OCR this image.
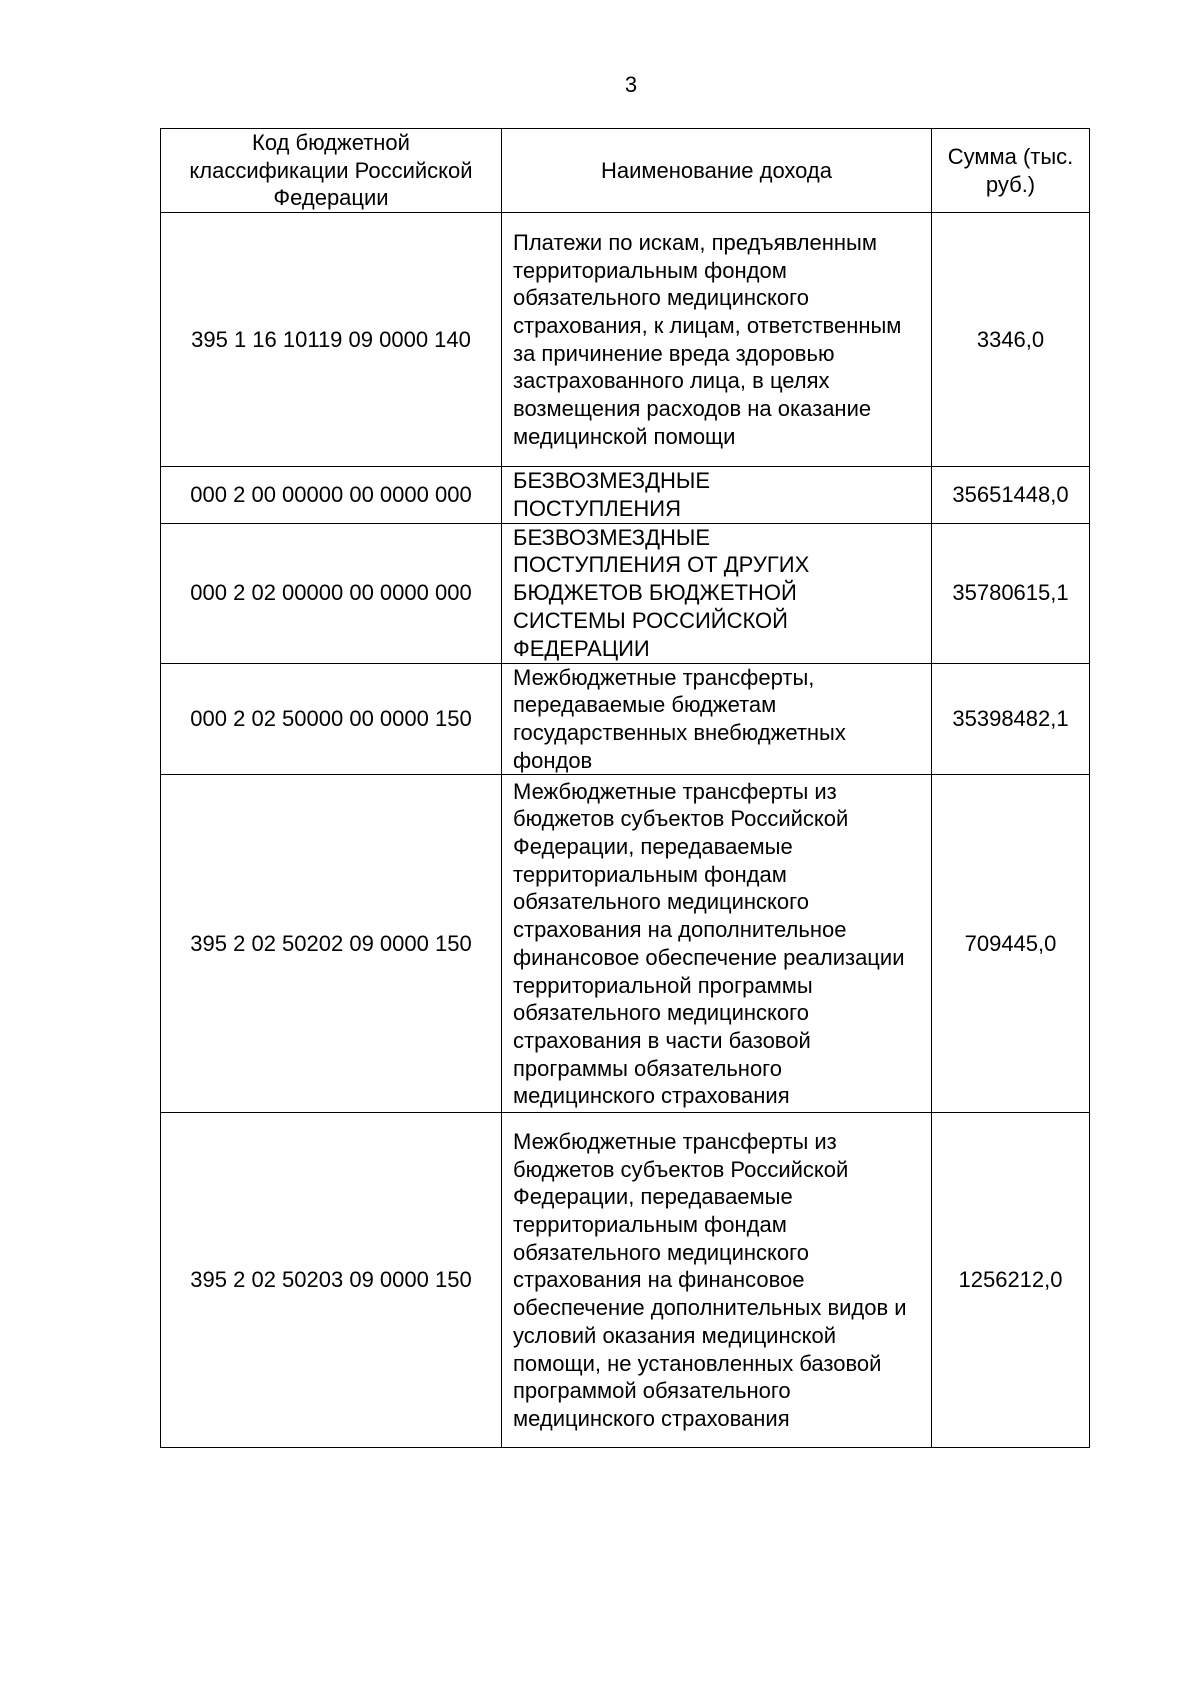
3
Код бюджетной классификации Российской Федерации	Наименование дохода	Сумма (тыс. руб.)
395 1 16 10119 09 0000 140	Платежи по искам, предъявленным территориальным фондом обязательного медицинского страхования, к лицам, ответственным за причинение вреда здоровью застрахованного лица, в целях возмещения расходов на оказание медицинской помощи	3346,0
000 2 00 00000 00 0000 000	БЕЗВОЗМЕЗДНЫЕ ПОСТУПЛЕНИЯ	35651448,0
000 2 02 00000 00 0000 000	БЕЗВОЗМЕЗДНЫЕ ПОСТУПЛЕНИЯ ОТ ДРУГИХ БЮДЖЕТОВ БЮДЖЕТНОЙ СИСТЕМЫ РОССИЙСКОЙ ФЕДЕРАЦИИ	35780615,1
000 2 02 50000 00 0000 150	Межбюджетные трансферты, передаваемые бюджетам государственных внебюджетных фондов	35398482,1
395 2 02 50202 09 0000 150	Межбюджетные трансферты из бюджетов субъектов Российской Федерации, передаваемые территориальным фондам обязательного медицинского страхования на дополнительное финансовое обеспечение реализации территориальной программы обязательного медицинского страхования в части базовой программы обязательного медицинского страхования	709445,0
395 2 02 50203 09 0000 150	Межбюджетные трансферты из бюджетов субъектов Российской Федерации, передаваемые территориальным фондам обязательного медицинского страхования на финансовое обеспечение дополнительных видов и условий оказания медицинской помощи, не установленных базовой программой обязательного медицинского страхования	1256212,0
